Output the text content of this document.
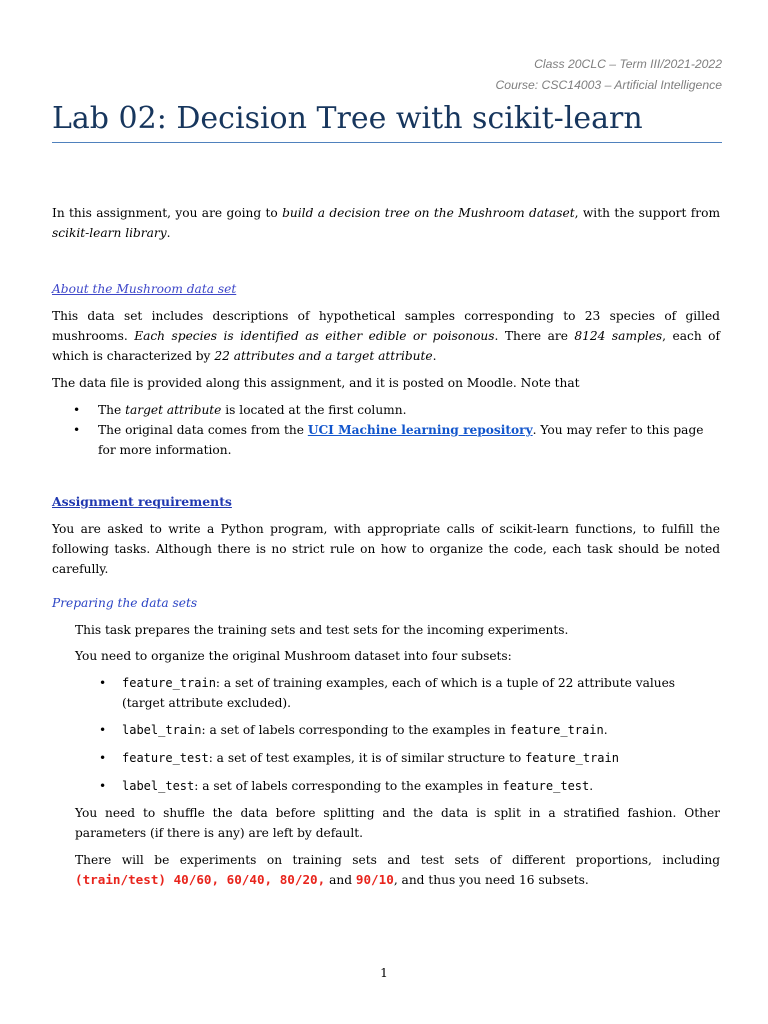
Class 20CLC – Term III/2021-2022
Course: CSC14003 – Artificial Intelligence
Lab 02: Decision Tree with scikit-learn

In this assignment, you are going to build a decision tree on the Mushroom dataset, with the support from scikit-learn library.

About the Mushroom data set

This data set includes descriptions of hypothetical samples corresponding to 23 species of gilled mushrooms. Each species is identified as either edible or poisonous. There are 8124 samples, each of which is characterized by 22 attributes and a target attribute.

The data file is provided along this assignment, and it is posted on Moodle. Note that

• The target attribute is located at the first column.
• The original data comes from the UCI Machine learning repository. You may refer to this page for more information.
Assignment requirements

You are asked to write a Python program, with appropriate calls of scikit-learn functions, to fulfill the following tasks. Although there is no strict rule on how to organize the code, each task should be noted carefully.

Preparing the data sets

This task prepares the training sets and test sets for the incoming experiments.

You need to organize the original Mushroom dataset into four subsets:

• feature_train: a set of training examples, each of which is a tuple of 22 attribute values (target attribute excluded).
• label_train: a set of labels corresponding to the examples in feature_train.
• feature_test: a set of test examples, it is of similar structure to feature_train
• label_test: a set of labels corresponding to the examples in feature_test.

You need to shuffle the data before splitting and the data is split in a stratified fashion. Other parameters (if there is any) are left by default.

There will be experiments on training sets and test sets of different proportions, including (train/test) 40/60, 60/40, 80/20, and 90/10, and thus you need 16 subsets.

1
